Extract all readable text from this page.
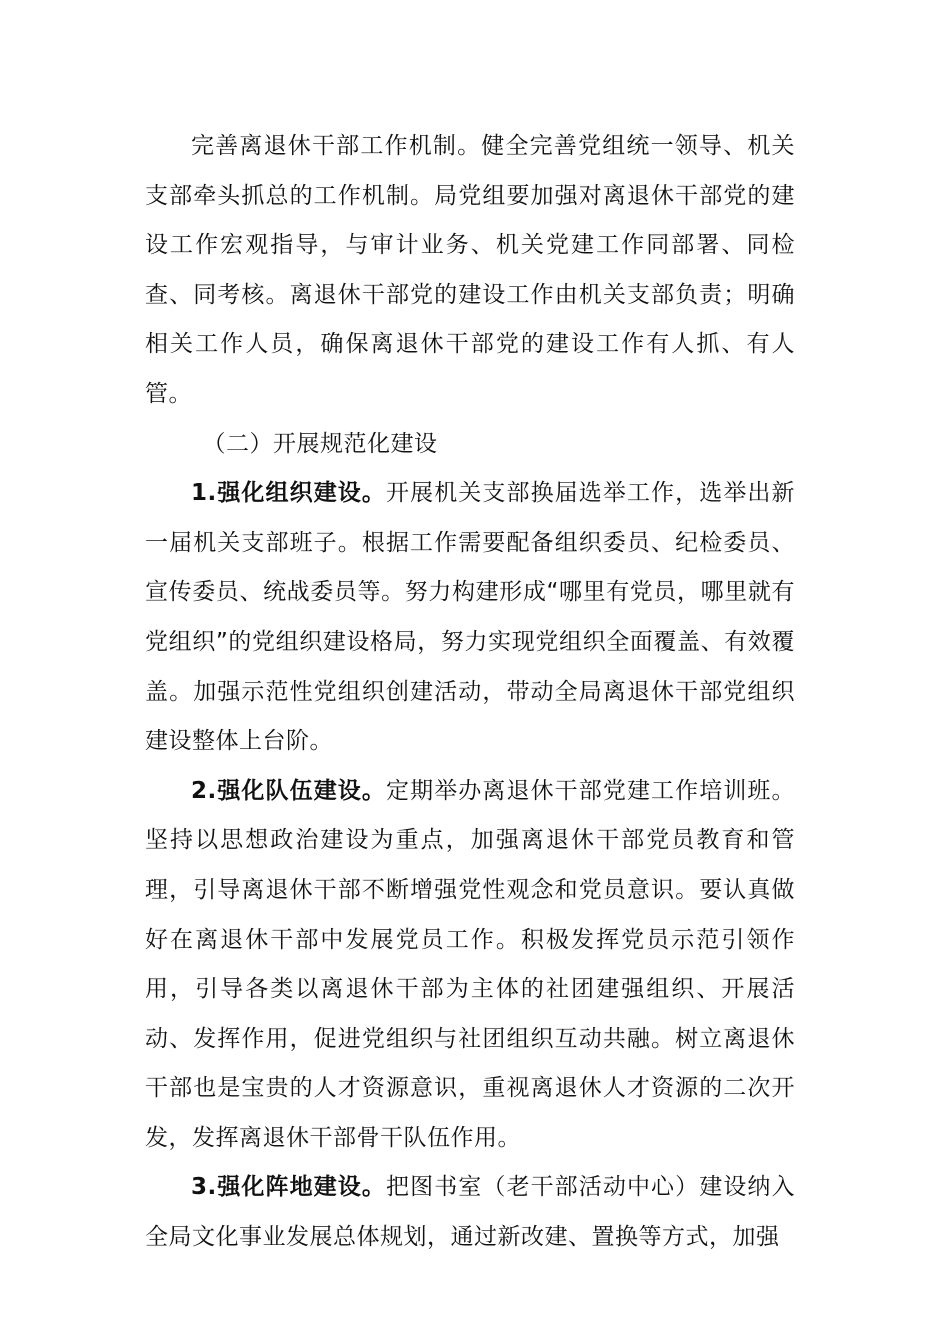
完善离退休干部工作机制。健全完善党组统一领导、机关支部牵头抓总的工作机制。局党组要加强对离退休干部党的建设工作宏观指导，与审计业务、机关党建工作同部署、同检查、同考核。离退休干部党的建设工作由机关支部负责；明确相关工作人员，确保离退休干部党的建设工作有人抓、有人管。

（二）开展规范化建设

1.强化组织建设。开展机关支部换届选举工作，选举出新一届机关支部班子。根据工作需要配备组织委员、纪检委员、宣传委员、统战委员等。努力构建形成“哪里有党员，哪里就有党组织”的党组织建设格局，努力实现党组织全面覆盖、有效覆盖。加强示范性党组织创建活动，带动全局离退休干部党组织建设整体上台阶。

2.强化队伍建设。定期举办离退休干部党建工作培训班。坚持以思想政治建设为重点，加强离退休干部党员教育和管理，引导离退休干部不断增强党性观念和党员意识。要认真做好在离退休干部中发展党员工作。积极发挥党员示范引领作用，引导各类以离退休干部为主体的社团建强组织、开展活动、发挥作用，促进党组织与社团组织互动共融。树立离退休干部也是宝贵的人才资源意识，重视离退休人才资源的二次开发，发挥离退休干部骨干队伍作用。

3.强化阵地建设。把图书室（老干部活动中心）建设纳入全局文化事业发展总体规划，通过新改建、置换等方式，加强
